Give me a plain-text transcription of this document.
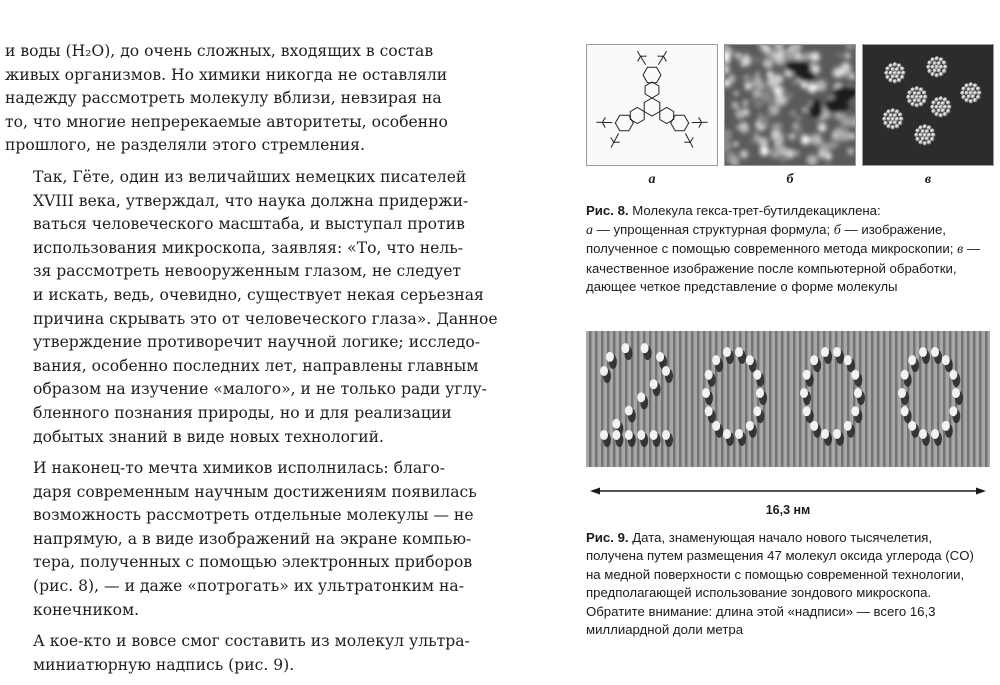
и воды (H₂O), до очень сложных, входящих в состав
живых организмов. Но химики никогда не оставляли
надежду рассмотреть молекулу вблизи, невзирая на
то, что многие непререкаемые авторитеты, особенно
прошлого, не разделяли этого стремления.

Так, Гёте, один из величайших немецких писателей
XVIII века, утверждал, что наука должна придержи-
ваться человеческого масштаба, и выступал против
использования микроскопа, заявляя: «То, что нель-
зя рассмотреть невооруженным глазом, не следует
и искать, ведь, очевидно, существует некая серьезная
причина скрывать это от человеческого глаза». Данное
утверждение противоречит научной логике; исследо-
вания, особенно последних лет, направлены главным
образом на изучение «малого», и не только ради углу-
бленного познания природы, но и для реализации
добытых знаний в виде новых технологий.

И наконец-то мечта химиков исполнилась: благо-
даря современным научным достижениям появилась
возможность рассмотреть отдельные молекулы — не
напрямую, а в виде изображений на экране компью-
тера, полученных с помощью электронных приборов
(рис. 8), — и даже «потрогать» их ультратонким на-
конечником.

А кое-кто и вовсе смог составить из молекул ультра-
миниатюрную надпись (рис. 9).

а	б	в
Рис. 8. Молекула гекса-трет-бутилдекациклена:
а — упрощенная структурная формула; б — изображение, полученное с помощью современного метода микроскопии; в — качественное изображение после компьютерной обработки, дающее четкое представление о форме молекулы
16,3 нм
Рис. 9. Дата, знаменующая начало нового тысячелетия, получена путем размещения 47 молекул оксида углерода (CO) на медной поверхности с помощью современной технологии, предполагающей использование зондового микроскопа. Обратите внимание: длина этой «надписи» — всего 16,3 миллиардной доли метра
